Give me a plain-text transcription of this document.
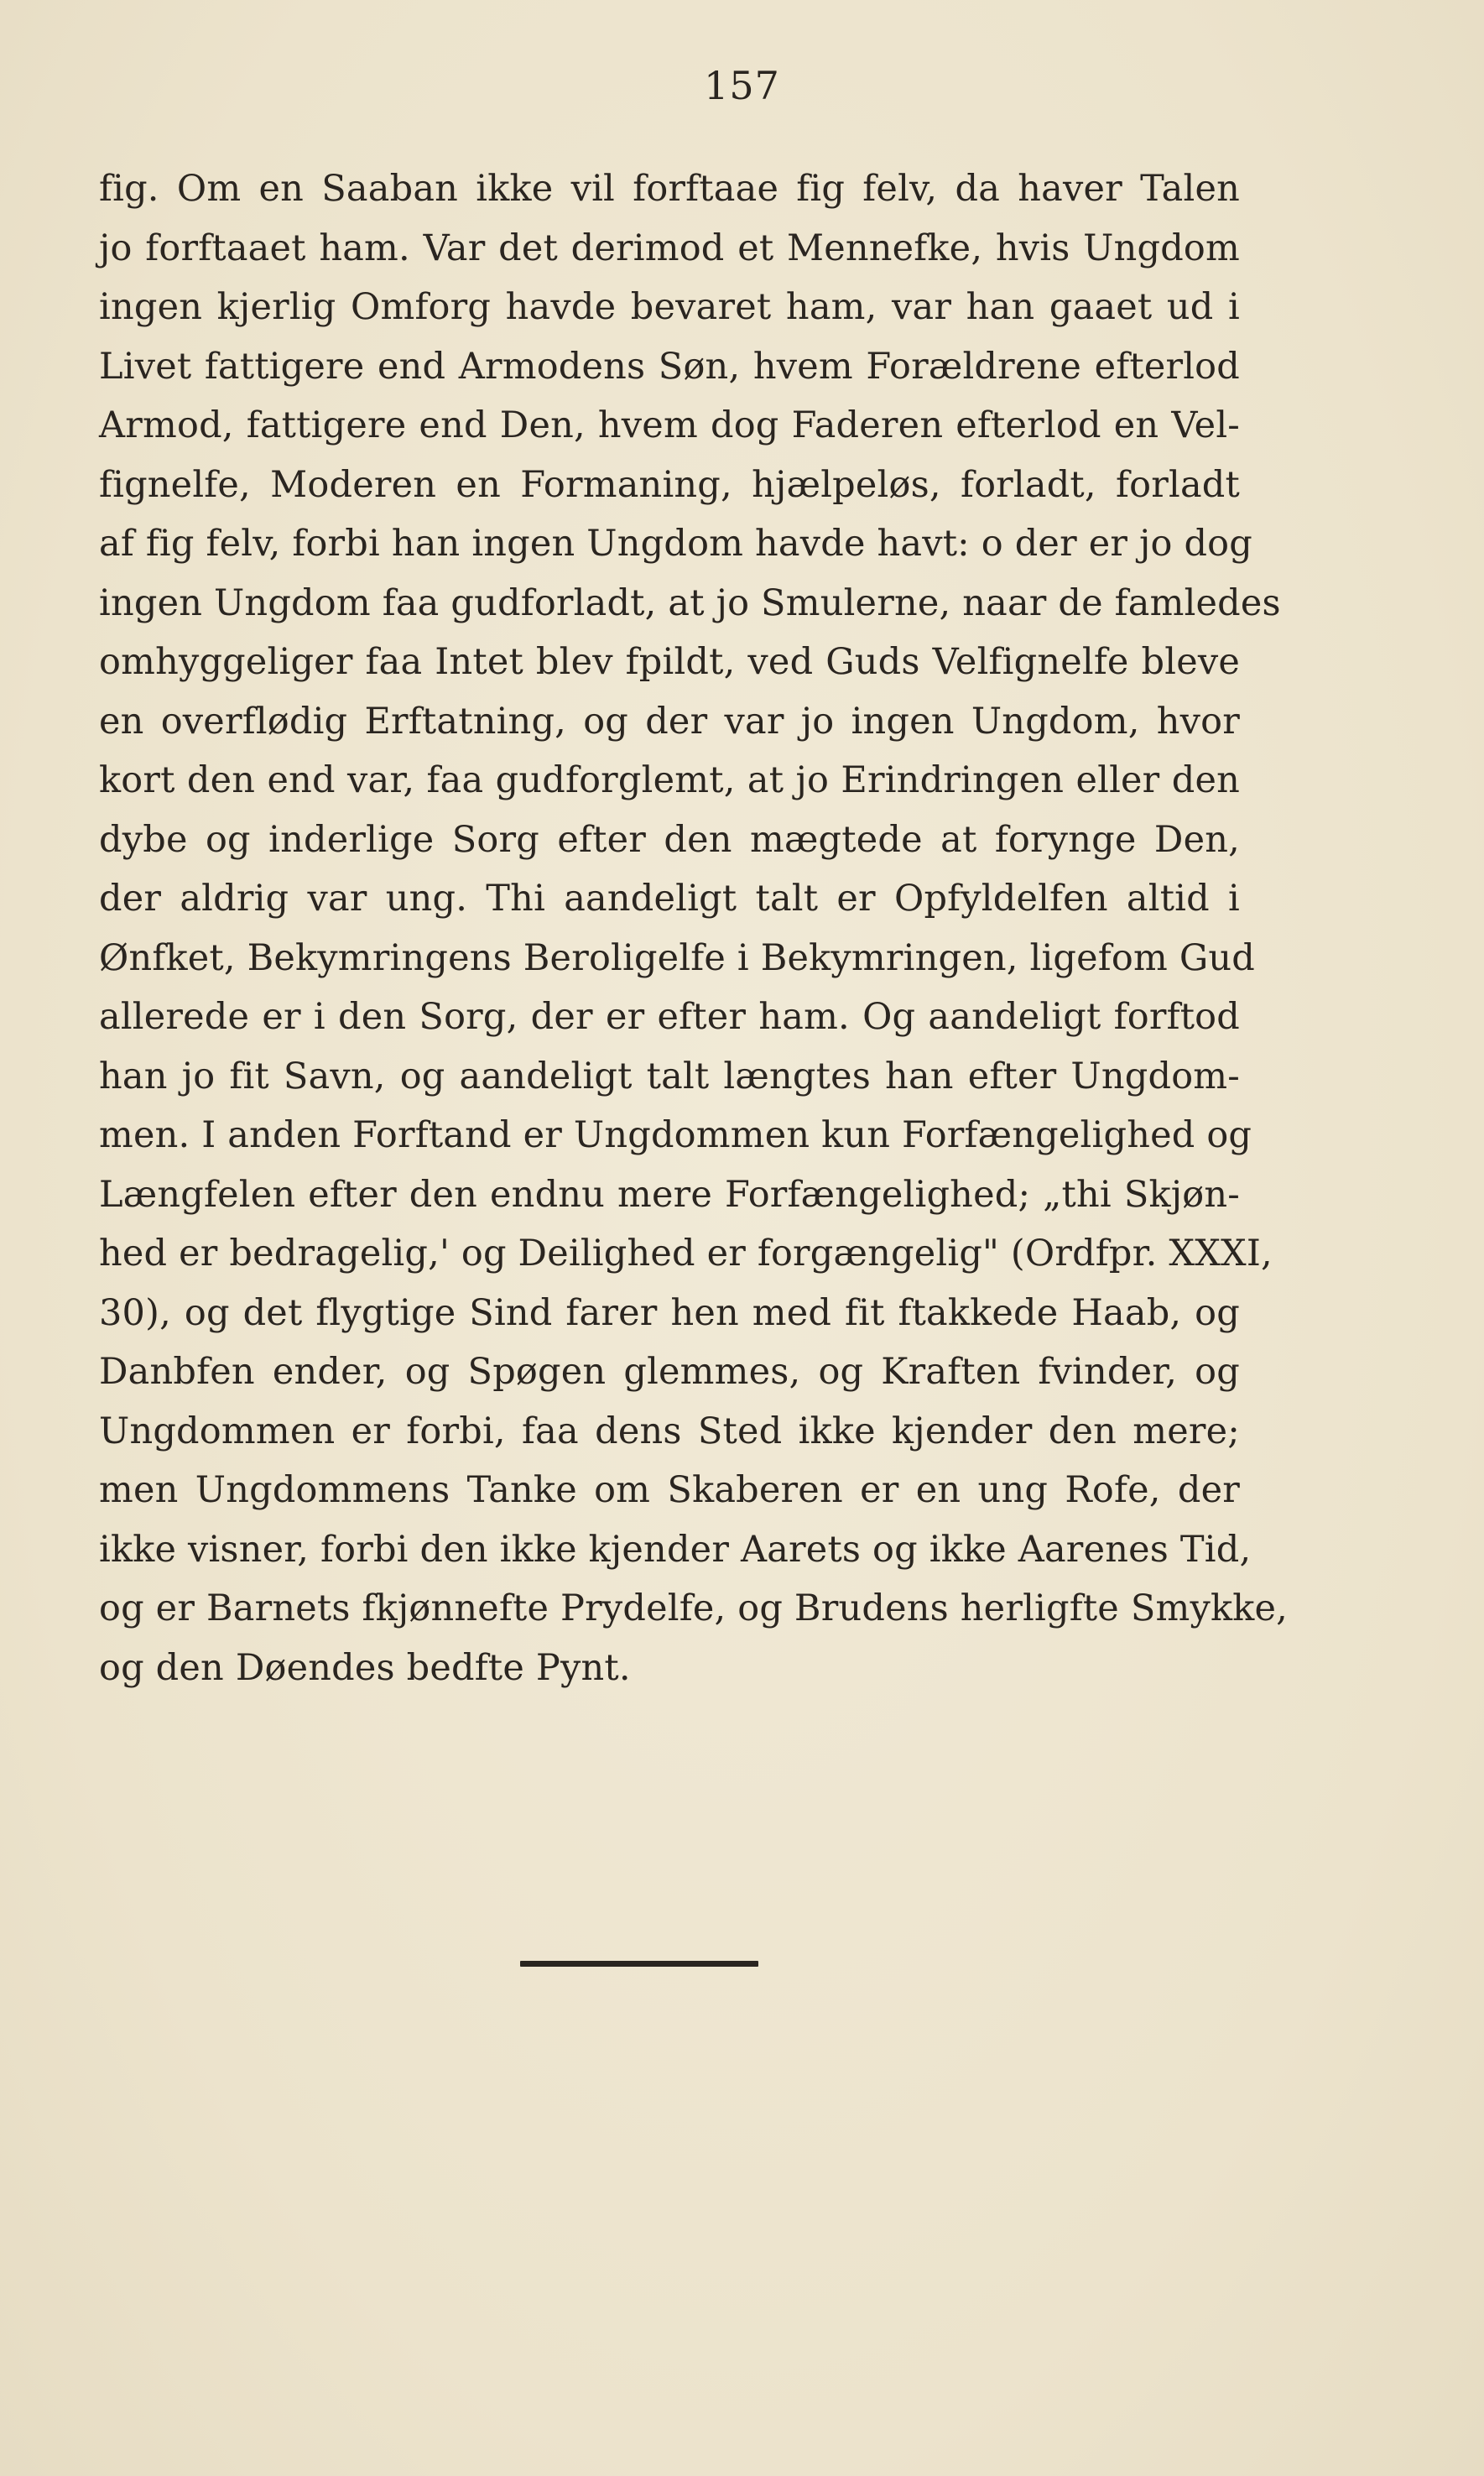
157
fig. Om en Saaban ikke vil forftaae fig felv, da haver Talen
jo forftaaet ham. Var det derimod et Mennefke, hvis Ungdom
ingen kjerlig Omforg havde bevaret ham, var han gaaet ud i
Livet fattigere end Armodens Søn, hvem Forældrene efterlod
Armod, fattigere end Den, hvem dog Faderen efterlod en Vel-
fignelfe, Moderen en Formaning, hjælpeløs, forladt, forladt
af fig felv, forbi han ingen Ungdom havde havt: o der er jo dog
ingen Ungdom faa gudforladt, at jo Smulerne, naar de famledes
omhyggeliger faa Intet blev fpildt, ved Guds Velfignelfe bleve
en overflødig Erftatning, og der var jo ingen Ungdom, hvor
kort den end var, faa gudforglemt, at jo Erindringen eller den
dybe og inderlige Sorg efter den mægtede at forynge Den,
der aldrig var ung. Thi aandeligt talt er Opfyldelfen altid i
Ønfket, Bekymringens Beroligelfe i Bekymringen, ligefom Gud
allerede er i den Sorg, der er efter ham. Og aandeligt forftod
han jo fit Savn, og aandeligt talt længtes han efter Ungdom-
men. I anden Forftand er Ungdommen kun Forfængelighed og
Længfelen efter den endnu mere Forfængelighed; „thi Skjøn-
hed er bedragelig,' og Deilighed er forgængelig" (Ordfpr. XXXI,
30), og det flygtige Sind farer hen med fit ftakkede Haab, og
Danbfen ender, og Spøgen glemmes, og Kraften fvinder, og
Ungdommen er forbi, faa dens Sted ikke kjender den mere;
men Ungdommens Tanke om Skaberen er en ung Rofe, der
ikke visner, forbi den ikke kjender Aarets og ikke Aarenes Tid,
og er Barnets fkjønnefte Prydelfe, og Brudens herligfte Smykke,
og den Døendes bedfte Pynt.
